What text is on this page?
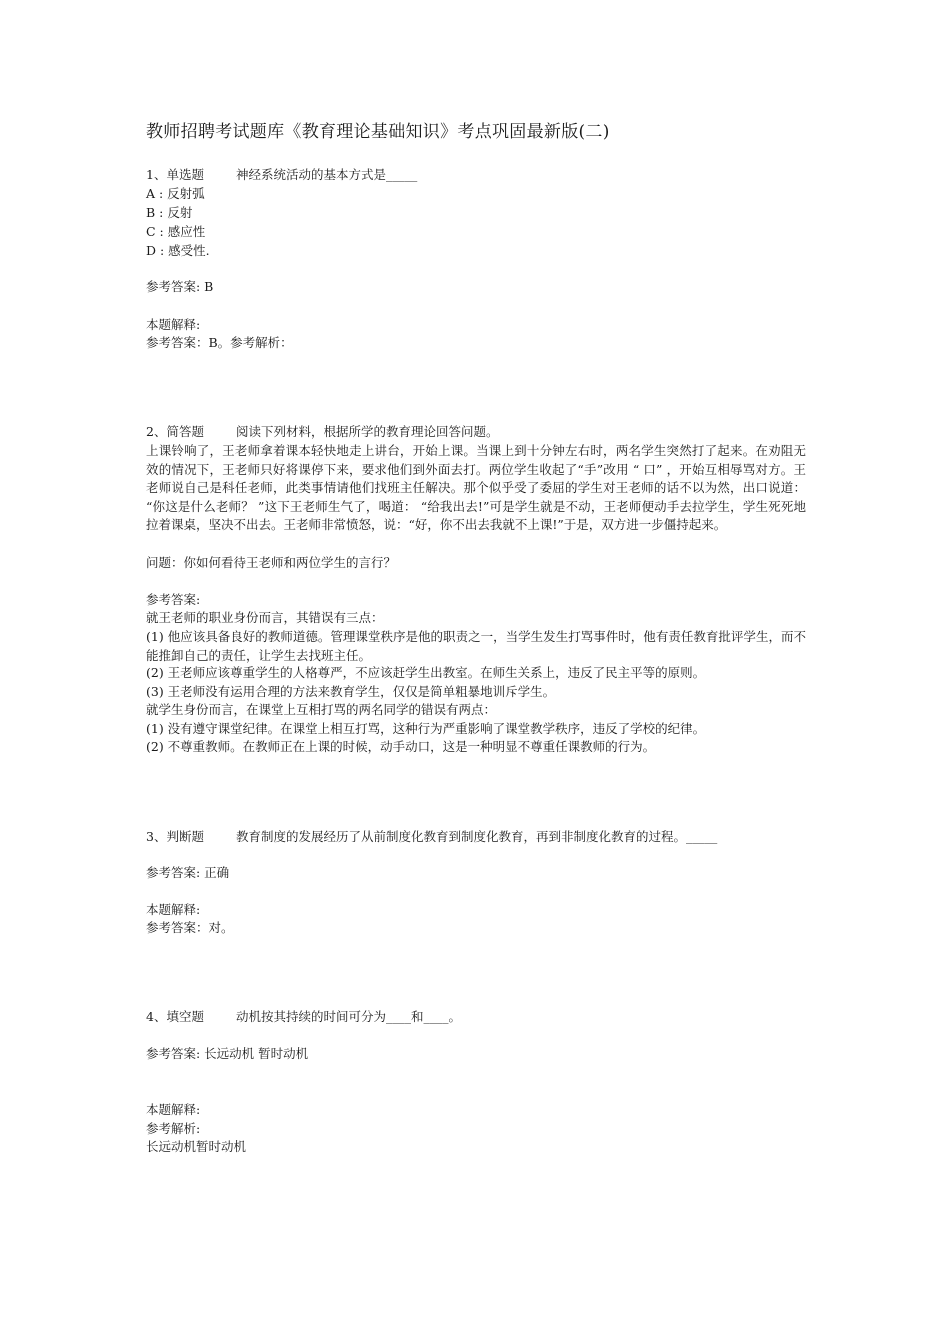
教师招聘考试题库《教育理论基础知识》考点巩固最新版(二)
1、单选题	神经系统活动的基本方式是_____
A : 反射弧
B : 反射
C : 感应性
D : 感受性.
参考答案: B
本题解释:
参考答案：B。参考解析：
2、简答题	阅读下列材料，根据所学的教育理论回答问题。
上课铃响了，王老师拿着课本轻快地走上讲台，开始上课。当课上到十分钟左右时，两名学生突然打了起来。在劝阻无效的情况下，王老师只好将课停下来，要求他们到外面去打。两位学生收起了“手”改用 “ 口” ，开始互相辱骂对方。王老师说自己是科任老师，此类事情请他们找班主任解决。那个似乎受了委屈的学生对王老师的话不以为然，出口说道： “你这是什么老师？ ”这下王老师生气了，喝道： “给我出去!”可是学生就是不动，王老师便动手去拉学生，学生死死地拉着课桌，坚决不出去。王老师非常愤怒，说：“好，你不出去我就不上课!”于是，双方进一步僵持起来。
问题：你如何看待王老师和两位学生的言行？
参考答案:
就王老师的职业身份而言，其错误有三点：
(1) 他应该具备良好的教师道德。管理课堂秩序是他的职责之一，当学生发生打骂事件时，他有责任教育批评学生，而不能推卸自己的责任，让学生去找班主任。
(2) 王老师应该尊重学生的人格尊严，不应该赶学生出教室。在师生关系上，违反了民主平等的原则。
(3) 王老师没有运用合理的方法来教育学生，仅仅是简单粗暴地训斥学生。
就学生身份而言，在课堂上互相打骂的两名同学的错误有两点：
(1) 没有遵守课堂纪律。在课堂上相互打骂，这种行为严重影响了课堂教学秩序，违反了学校的纪律。
(2) 不尊重教师。在教师正在上课的时候，动手动口，这是一种明显不尊重任课教师的行为。
3、判断题	教育制度的发展经历了从前制度化教育到制度化教育，再到非制度化教育的过程。_____
参考答案: 正确
本题解释:
参考答案：对。
4、填空题	动机按其持续的时间可分为____和____。
参考答案: 长远动机 暂时动机
本题解释:
参考解析:
长远动机暂时动机
